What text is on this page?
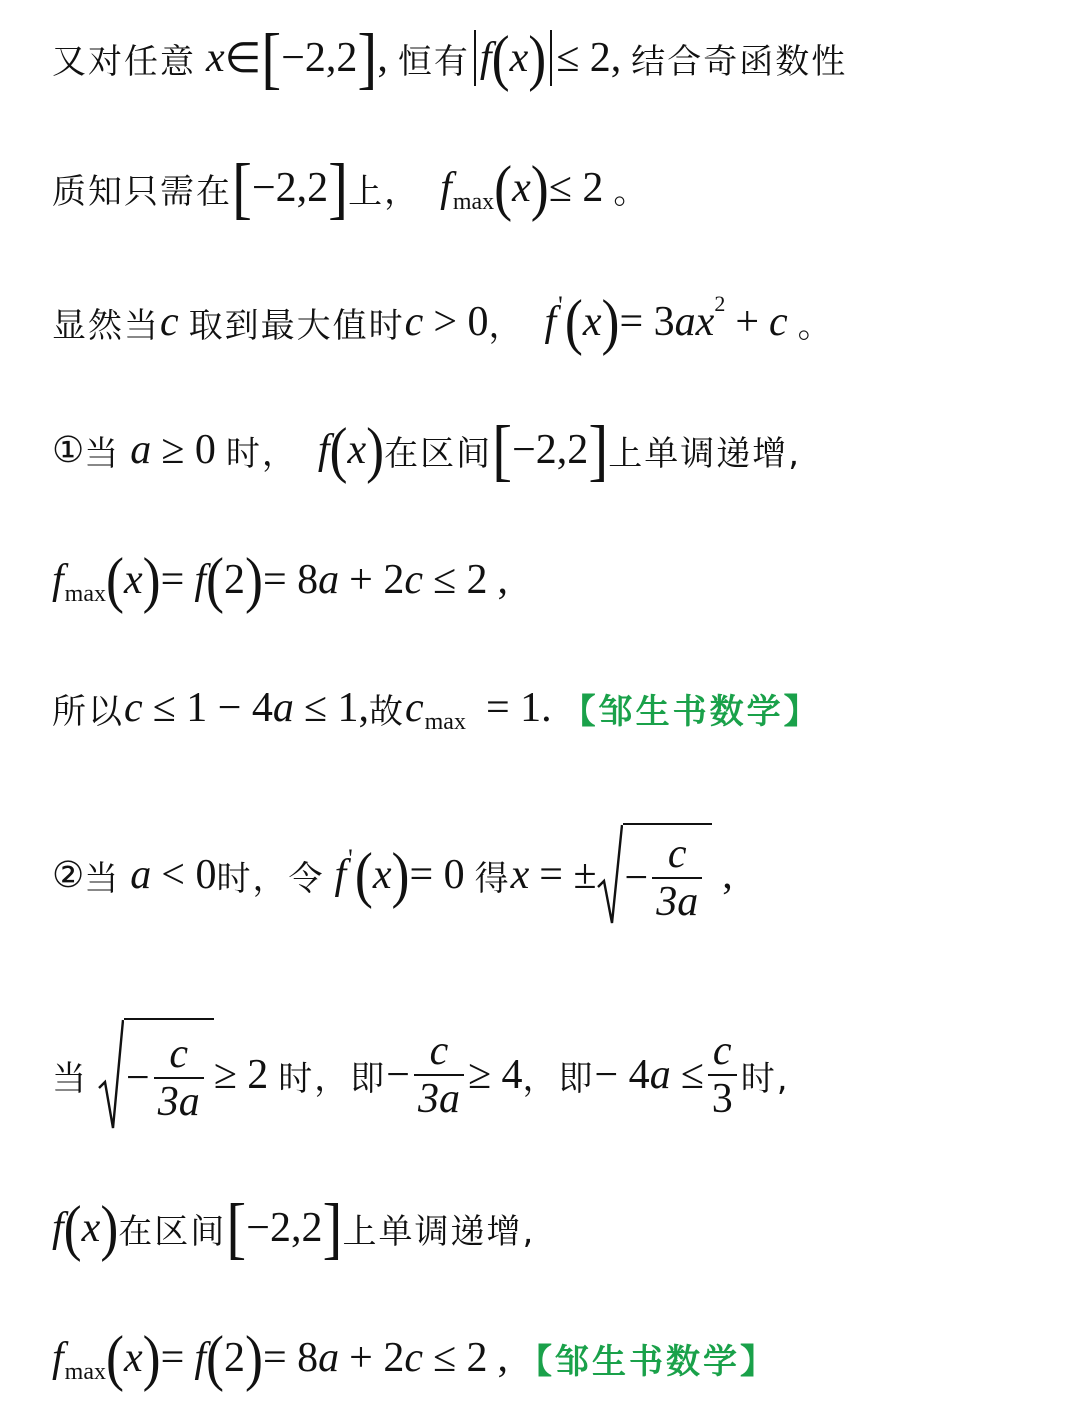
又对任意 x ∈ [ −2,2 ] , 恒有 f ( x ) ≤ 2 , 结合奇函数性
质知只需在 [ −2,2 ] 上， f max ( x ) ≤ 2 。
显然当 c 取到最大值时 c > 0 ， f ' ( x ) = 3 ax 2 + c 。
① 当 a ≥ 0 时， f ( x ) 在区间 [ −2,2 ] 上单调递增,
f max ( x ) = f ( 2 ) = 8 a + 2 c ≤ 2 ,
所以 c ≤ 1 − 4 a ≤ 1, 故 c max = 1. 【邹生书数学】
② 当 a < 0 时，令 f ' ( x ) = 0 得 x = ± − $\frac{c}{3a}$ ,
当 − $\frac{c}{3a} \ge 2$ 时，即 − $\frac{c}{3a} \ge 4$ ，即 − 4 $a \le \frac{c}{3}$ 时,
f ( x ) 在区间 [ −2,2 ] 上单调递增,
f max ( x ) = f ( 2 ) = 8 a + 2 c ≤ 2 , 【邹生书数学】
